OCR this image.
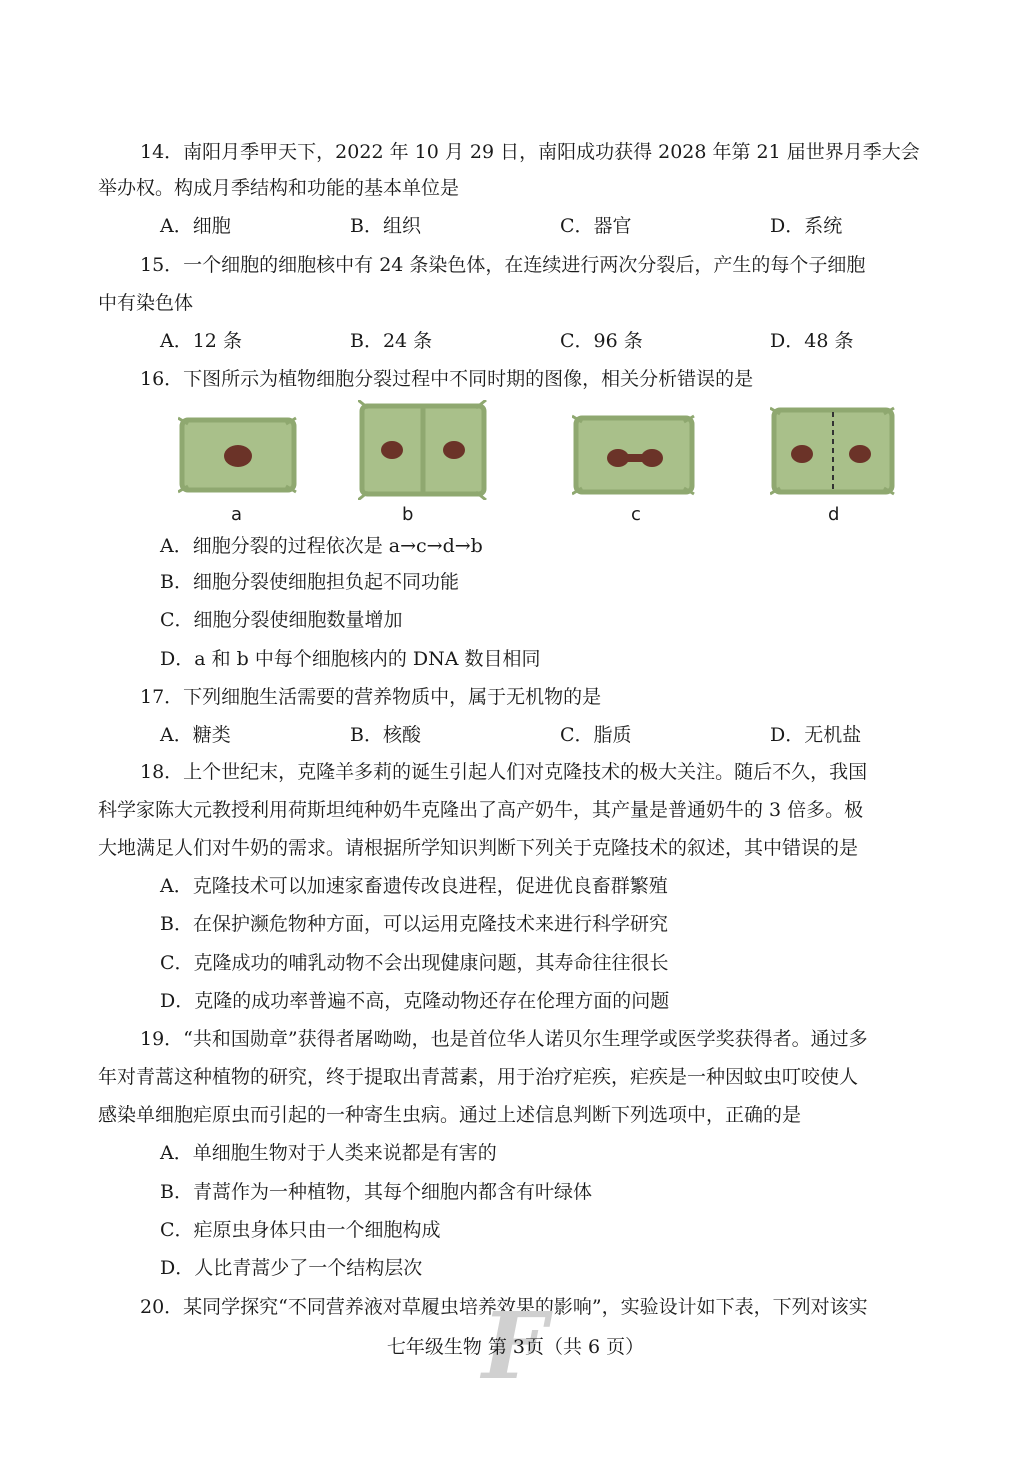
14．南阳月季甲天下，2022 年 10 月 29 日，南阳成功获得 2028 年第 21 届世界月季大会
举办权。构成月季结构和功能的基本单位是
A．细胞	B．组织	C．器官	D．系统
15．一个细胞的细胞核中有 24 条染色体，在连续进行两次分裂后，产生的每个子细胞
中有染色体
A．12 条	B．24 条	C．96 条	D．48 条
16．下图所示为植物细胞分裂过程中不同时期的图像，相关分析错误的是
a	b	c	d
A．细胞分裂的过程依次是 a→c→d→b
B．细胞分裂使细胞担负起不同功能
C．细胞分裂使细胞数量增加
D．a 和 b 中每个细胞核内的 DNA 数目相同
17．下列细胞生活需要的营养物质中，属于无机物的是
A．糖类	B．核酸	C．脂质	D．无机盐
18．上个世纪末，克隆羊多莉的诞生引起人们对克隆技术的极大关注。随后不久，我国
科学家陈大元教授利用荷斯坦纯种奶牛克隆出了高产奶牛，其产量是普通奶牛的 3 倍多。极
大地满足人们对牛奶的需求。请根据所学知识判断下列关于克隆技术的叙述，其中错误的是
A．克隆技术可以加速家畜遗传改良进程，促进优良畜群繁殖
B．在保护濒危物种方面，可以运用克隆技术来进行科学研究
C．克隆成功的哺乳动物不会出现健康问题，其寿命往往很长
D．克隆的成功率普遍不高，克隆动物还存在伦理方面的问题
19．“共和国勋章”获得者屠呦呦，也是首位华人诺贝尔生理学或医学奖获得者。通过多
年对青蒿这种植物的研究，终于提取出青蒿素，用于治疗疟疾，疟疾是一种因蚊虫叮咬使人
感染单细胞疟原虫而引起的一种寄生虫病。通过上述信息判断下列选项中，正确的是
A．单细胞生物对于人类来说都是有害的
B．青蒿作为一种植物，其每个细胞内都含有叶绿体
C．疟原虫身体只由一个细胞构成
D．人比青蒿少了一个结构层次
20．某同学探究“不同营养液对草履虫培养效果的影响”，实验设计如下表，下列对该实
F
七年级生物 第 3页（共 6 页）
